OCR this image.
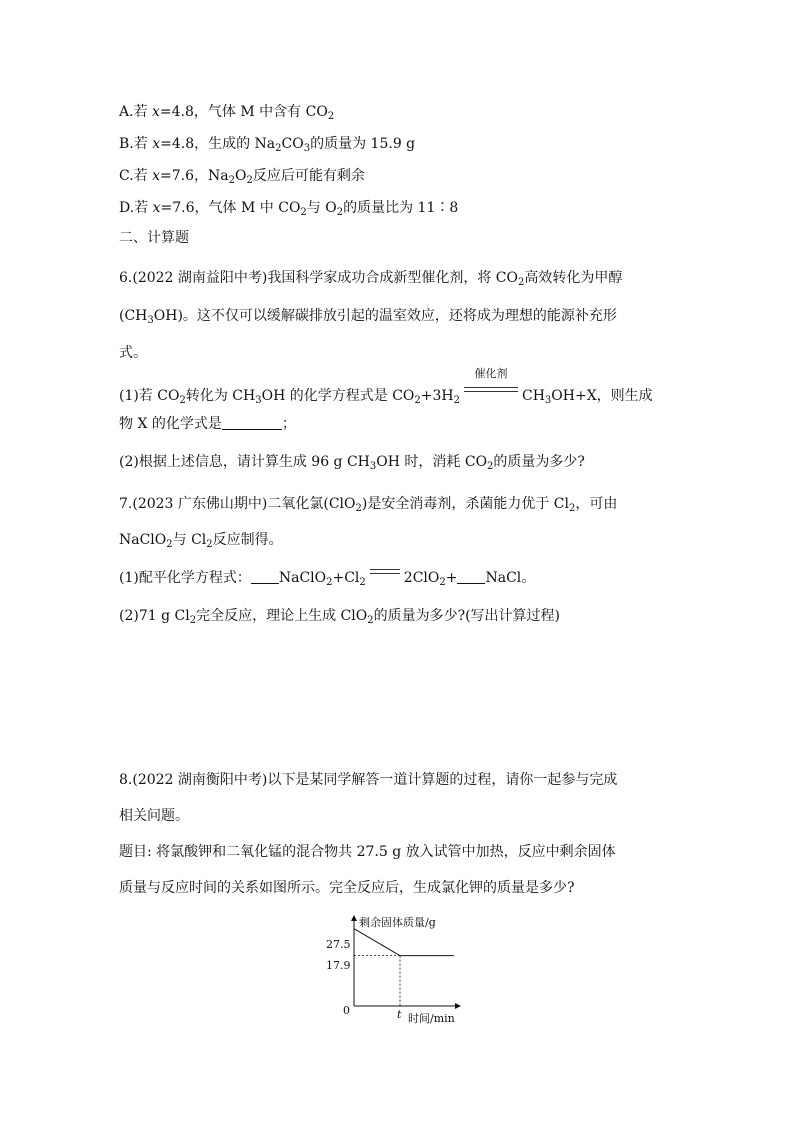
A.若 x=4.8，气体 M 中含有 $CO_2$
B.若 x=4.8，生成的 $Na_2CO_3$的质量为 15.9 g
C.若 x=7.6，$Na_2O_2$反应后可能有剩余
D.若 x=7.6，气体 M 中 $CO_2$与 $O_2$的质量比为 11∶8
二、计算题
6.(2022 湖南益阳中考)我国科学家成功合成新型催化剂，将 $CO_2$高效转化为甲醇
$(CH_3OH)$。这不仅可以缓解碳排放引起的温室效应，还将成为理想的能源补充形
式。
(1)若 $CO_2$转化为 $CH_3OH$ 的化学方程式是 $CO_2+3H_2$
催化剂
$CH_3OH+X$，则生成
物 X 的化学式是	；
(2)根据上述信息，请计算生成 96 g $CH_3OH$ 时，消耗 $CO_2$的质量为多少?
7.(2023 广东佛山期中)二氧化氯(ClO$_2$)是安全消毒剂，杀菌能力优于 $Cl_2$，可由
NaClO$_2$与 $Cl_2$反应制得。
(1)配平化学方程式： $NaClO_2+Cl_2$	2ClO$_2$+ NaCl。
(2)71 g $Cl_2$完全反应，理论上生成 ClO$_2$的质量为多少?(写出计算过程)
8.(2022 湖南衡阳中考)以下是某同学解答一道计算题的过程，请你一起参与完成
相关问题。
题目: 将氯酸钾和二氧化锰的混合物共 27.5 g 放入试管中加热，反应中剩余固体
质量与反应时间的关系如图所示。完全反应后，生成氯化钾的质量是多少?
剩余固体质量/g
时间/min
0
27.5
17.9
t
